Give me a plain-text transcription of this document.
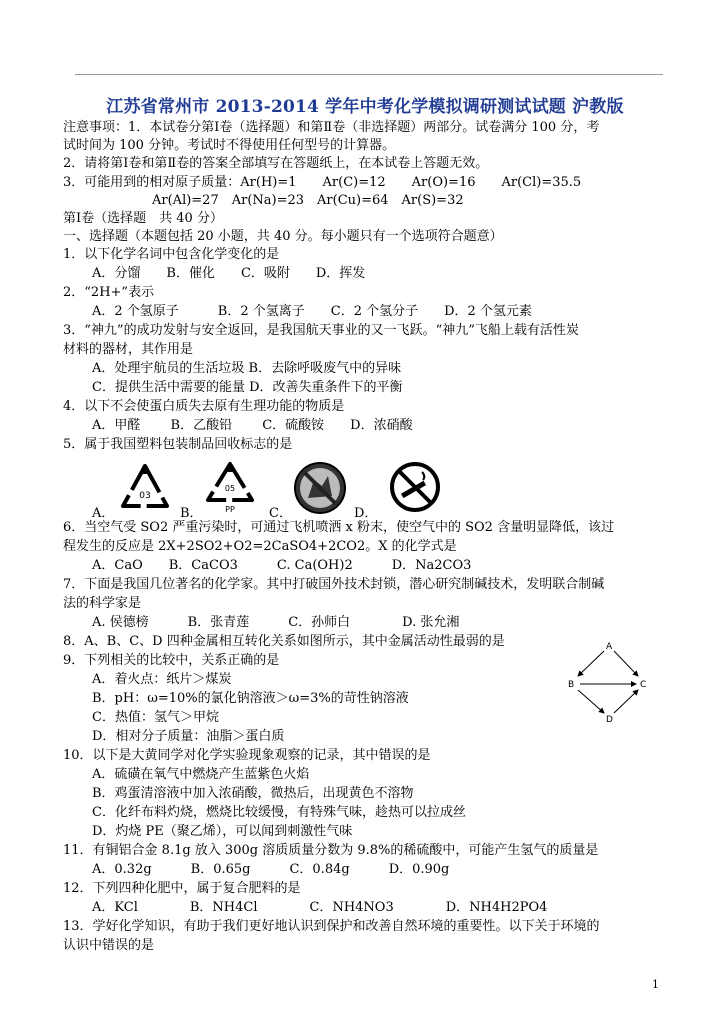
江苏省常州市 2013-2014 学年中考化学模拟调研测试试题 沪教版
注意事项：1．本试卷分第Ⅰ卷（选择题）和第Ⅱ卷（非选择题）两部分。试卷满分 100 分，考
试时间为 100 分钟。考试时不得使用任何型号的计算器。
2．请将第Ⅰ卷和第Ⅱ卷的答案全部填写在答题纸上，在本试卷上答题无效。
3．可能用到的相对原子质量：Ar(H)=1　　Ar(C)=12　　Ar(O)=16　　Ar(Cl)=35.5
Ar(Al)=27　Ar(Na)=23　Ar(Cu)=64　Ar(S)=32
第Ⅰ卷（选择题　共 40 分）
一、选择题（本题包括 20 小题，共 40 分。每小题只有一个选项符合题意）
1．以下化学名词中包含化学变化的是
A．分馏　　B．催化　　C．吸附　　D．挥发
2．“2H+”表示
A．2 个氢原子　　　B．2 个氢离子　　C．2 个氢分子　　D．2 个氢元素
3．“神九”的成功发射与安全返回，是我国航天事业的又一飞跃。“神九”飞船上载有活性炭
材料的器材，其作用是
A．处理宇航员的生活垃圾 B．去除呼吸废气中的异味
C．提供生活中需要的能量 D．改善失重条件下的平衡
4．以下不会使蛋白质失去原有生理功能的物质是
A．甲醛　　 B．乙酸铅　　 C．硫酸铵　　D．浓硝酸
5．属于我国塑料包装制品回收标志的是
A．
03
B．
05
PP	C．	D．
6．当空气受 SO2 严重污染时，可通过飞机喷洒 x 粉末，使空气中的 SO2 含量明显降低，该过
程发生的反应是 2X+2SO2+O2=2CaSO4+2CO2。X 的化学式是
A．CaO　　B．CaCO3　　　C. Ca(OH)2　　　D．Na2CO3
7．下面是我国几位著名的化学家。其中打破国外技术封锁，潜心研究制碱技术，发明联合制碱
法的科学家是
A. 侯德榜　　　B．张青莲　　　C．孙师白　　　　D. 张允湘
8．A、B、C、D 四种金属相互转化关系如图所示，其中金属活动性最弱的是	A
B	C
D
9．下列相关的比较中，关系正确的是
A．着火点：纸片＞煤炭
B．pH：ω=10%的氯化钠溶液＞ω=3%的苛性钠溶液
C．热值：氢气＞甲烷
D．相对分子质量：油脂＞蛋白质
10．以下是大黄同学对化学实验现象观察的记录，其中错误的是
A．硫磺在氧气中燃烧产生蓝紫色火焰
B．鸡蛋清溶液中加入浓硝酸，微热后，出现黄色不溶物
C．化纤布料灼烧，燃烧比较缓慢，有特殊气味，趁热可以拉成丝
D．灼烧 PE（聚乙烯），可以闻到刺激性气味
11．有铜铝合金 8.1g 放入 300g 溶质质量分数为 9.8%的稀硫酸中，可能产生氢气的质量是
A．0.32g　　　B．0.65g　　　C．0.84g　　　D．0.90g
12．下列四种化肥中，属于复合肥料的是
A．KCl　　　　B．NH4Cl　　　　C．NH4NO3　　　　D．NH4H2PO4
13．学好化学知识，有助于我们更好地认识到保护和改善自然环境的重要性。以下关于环境的
认识中错误的是
1
